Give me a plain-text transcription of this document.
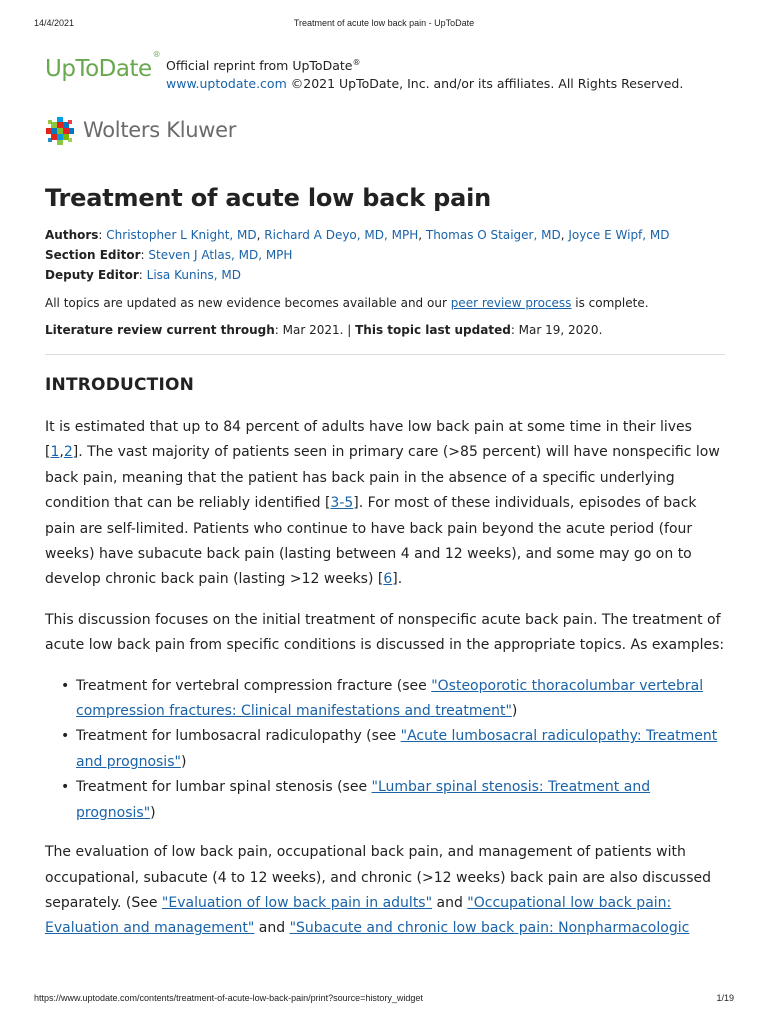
14/4/2021	Treatment of acute low back pain - UpToDate
UpToDate®
Official reprint from UpToDate®
www.uptodate.com ©2021 UpToDate, Inc. and/or its affiliates. All Rights Reserved.
Wolters Kluwer
Treatment of acute low back pain
Authors: Christopher L Knight, MD, Richard A Deyo, MD, MPH, Thomas O Staiger, MD, Joyce E Wipf, MD
Section Editor: Steven J Atlas, MD, MPH
Deputy Editor: Lisa Kunins, MD
All topics are updated as new evidence becomes available and our peer review process is complete.
Literature review current through: Mar 2021. | This topic last updated: Mar 19, 2020.
INTRODUCTION

It is estimated that up to 84 percent of adults have low back pain at some time in their lives [1,2]. The vast majority of patients seen in primary care (>85 percent) will have nonspecific low back pain, meaning that the patient has back pain in the absence of a specific underlying condition that can be reliably identified [3-5]. For most of these individuals, episodes of back pain are self-limited. Patients who continue to have back pain beyond the acute period (four weeks) have subacute back pain (lasting between 4 and 12 weeks), and some may go on to develop chronic back pain (lasting >12 weeks) [6].

This discussion focuses on the initial treatment of nonspecific acute back pain. The treatment of acute low back pain from specific conditions is discussed in the appropriate topics. As examples:

• Treatment for vertebral compression fracture (see "Osteoporotic thoracolumbar vertebral compression fractures: Clinical manifestations and treatment")
• Treatment for lumbosacral radiculopathy (see "Acute lumbosacral radiculopathy: Treatment and prognosis")
• Treatment for lumbar spinal stenosis (see "Lumbar spinal stenosis: Treatment and prognosis")

The evaluation of low back pain, occupational back pain, and management of patients with occupational, subacute (4 to 12 weeks), and chronic (>12 weeks) back pain are also discussed separately. (See "Evaluation of low back pain in adults" and "Occupational low back pain: Evaluation and management" and "Subacute and chronic low back pain: Nonpharmacologic

https://www.uptodate.com/contents/treatment-of-acute-low-back-pain/print?source=history_widget	1/19
